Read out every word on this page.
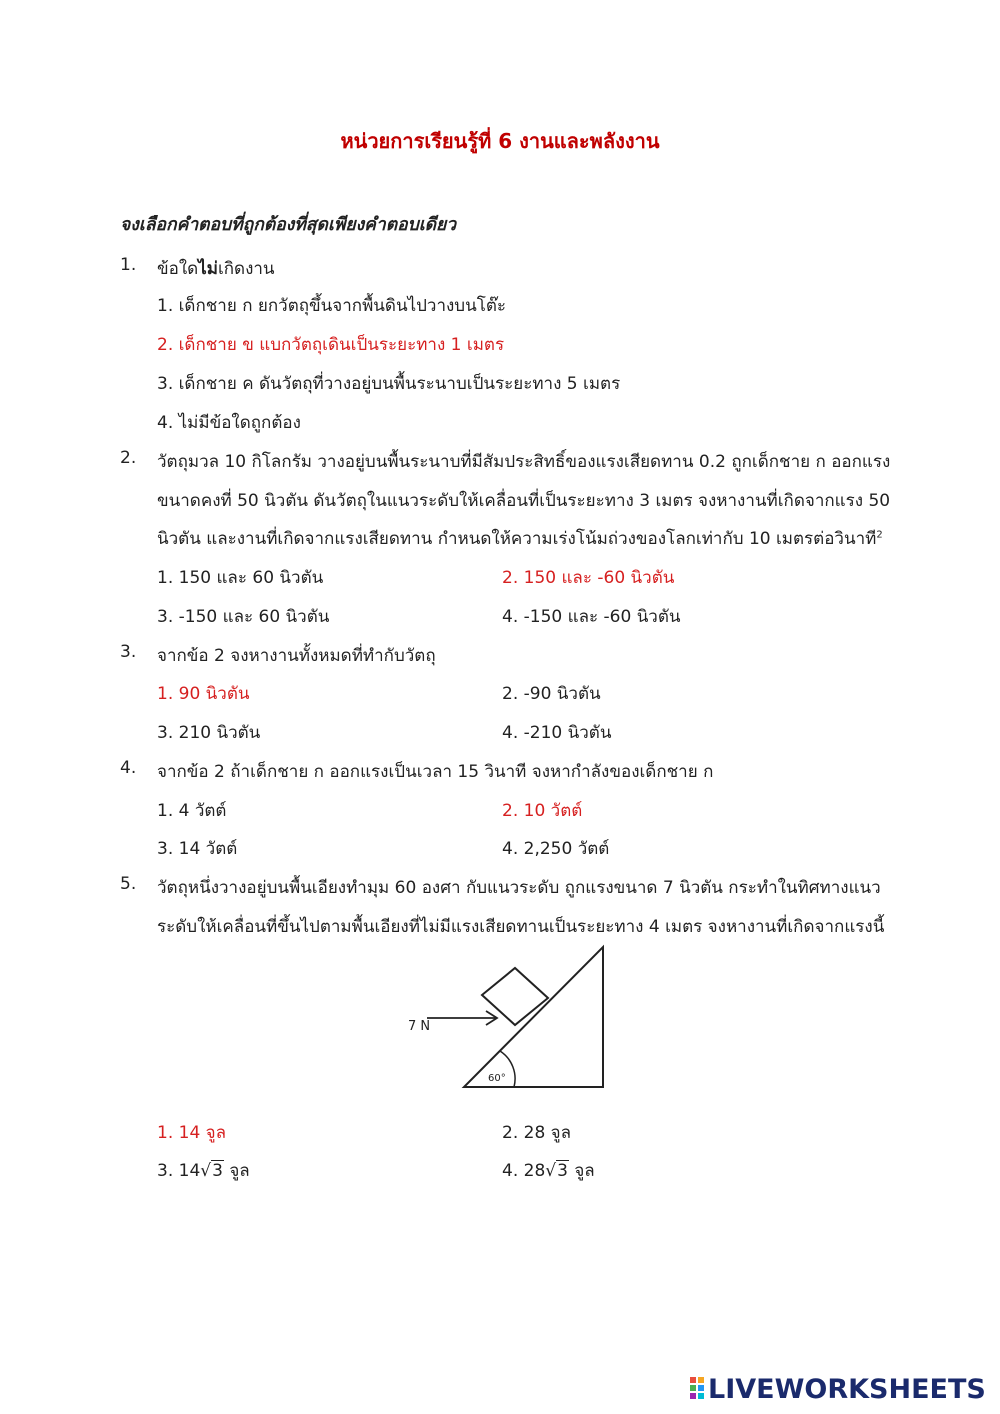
หน่วยการเรียนรู้ที่ 6 งานและพลังงาน
จงเลือกคำตอบที่ถูกต้องที่สุดเพียงคำตอบเดียว
1. ข้อใดไม่เกิดงาน
1. เด็กชาย ก ยกวัตถุขึ้นจากพื้นดินไปวางบนโต๊ะ
2. เด็กชาย ข แบกวัตถุเดินเป็นระยะทาง 1 เมตร
3. เด็กชาย ค ดันวัตถุที่วางอยู่บนพื้นระนาบเป็นระยะทาง 5 เมตร
4. ไม่มีข้อใดถูกต้อง
2. วัตถุมวล 10 กิโลกรัม วางอยู่บนพื้นระนาบที่มีสัมประสิทธิ์ของแรงเสียดทาน 0.2 ถูกเด็กชาย ก ออกแรง
ขนาดคงที่ 50 นิวตัน ดันวัตถุในแนวระดับให้เคลื่อนที่เป็นระยะทาง 3 เมตร จงหางานที่เกิดจากแรง 50
นิวตัน และงานที่เกิดจากแรงเสียดทาน กำหนดให้ความเร่งโน้มถ่วงของโลกเท่ากับ 10 เมตรต่อวินาที$^2$
1. 150 และ 60 นิวตัน	2. 150 และ -60 นิวตัน
3. -150 และ 60 นิวตัน	4. -150 และ -60 นิวตัน
3. จากข้อ 2 จงหางานทั้งหมดที่ทำกับวัตถุ
1. 90 นิวตัน	2. -90 นิวตัน
3. 210 นิวตัน	4. -210 นิวตัน
4. จากข้อ 2 ถ้าเด็กชาย ก ออกแรงเป็นเวลา 15 วินาที จงหากำลังของเด็กชาย ก
1. 4 วัตต์	2. 10 วัตต์
3. 14 วัตต์	4. 2,250 วัตต์
5. วัตถุหนึ่งวางอยู่บนพื้นเอียงทำมุม 60 องศา กับแนวระดับ ถูกแรงขนาด 7 นิวตัน กระทำในทิศทางแนว
ระดับให้เคลื่อนที่ขึ้นไปตามพื้นเอียงที่ไม่มีแรงเสียดทานเป็นระยะทาง 4 เมตร จงหางานที่เกิดจากแรงนี้
7 N
60°
1. 14 จูล	2. 28 จูล
3. 14√3 จูล	4. 28√3 จูล
LIVEWORKSHEETS
